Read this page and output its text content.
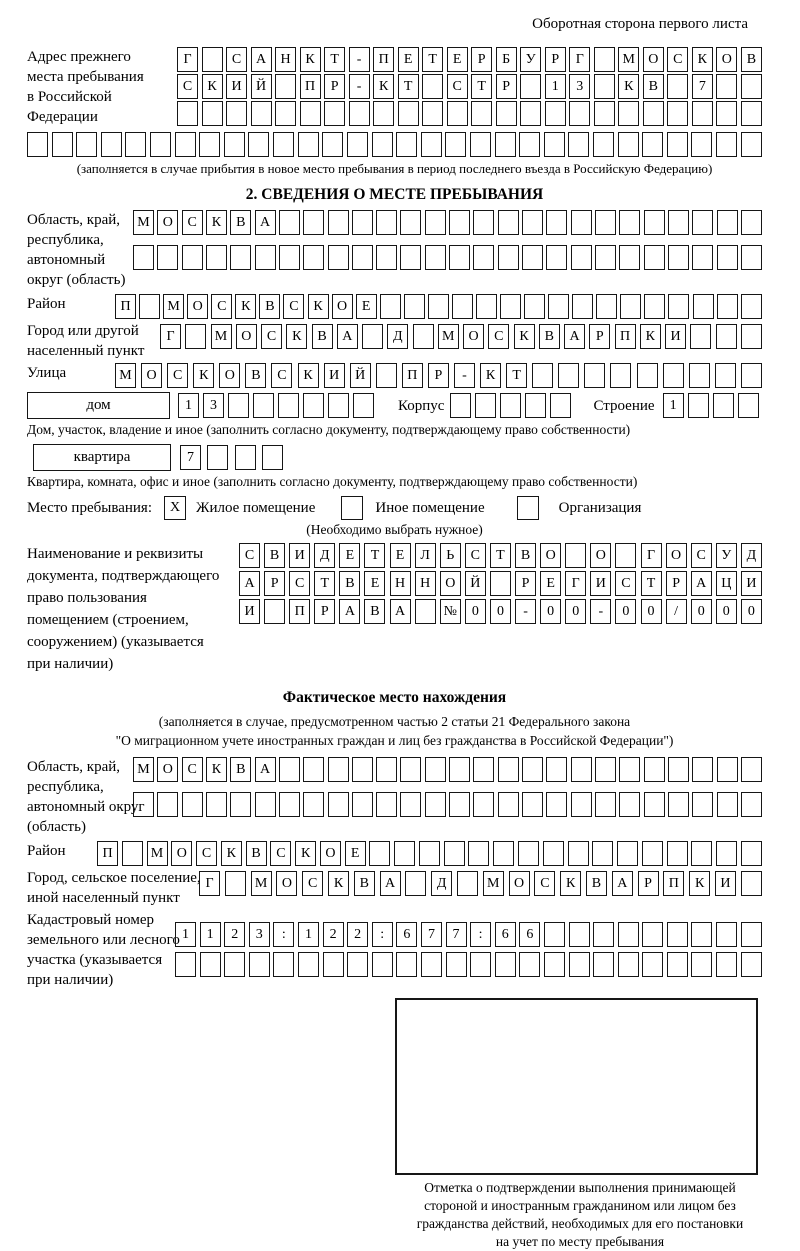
Оборотная сторона первого листа
Адрес прежнего
места пребывания
в Российской
Федерации
Г	С	А	Н	К	Т	-	П	Е	Т	Е	Р	Б	У	Р	Г	М О	С	К	О	В
С	К	И	Й	П	Р	-	К	Т	С	Т	Р	1	3	К	В	7
(заполняется в случае прибытия в новое место пребывания в период последнего въезда в Российскую Федерацию)
2. СВЕДЕНИЯ О МЕСТЕ ПРЕБЫВАНИЯ
Область, край,
республика,
автономный
округ (область)
М О	С	К	В	А
Район	П	М О	С	К	В	С	К	О	Е
Город или другой
населенный пункт
Г	М О	С	К	В	А	Д	М О	С	К	В	А	Р	П	К	И
Улица	М	О	С	К	О	В	С	К	И	Й	П	Р	-	К	Т
дом	1	3	Корпус	Строение	1
Дом, участок, владение и иное (заполнить согласно документу, подтверждающему право собственности)
квартира	7
Квартира, комната, офис и иное (заполнить согласно документу, подтверждающему право собственности)
Место пребывания:	X	Жилое помещение	Иное помещение	Организация
(Необходимо выбрать нужное)
Наименование и реквизиты
документа, подтверждающего
право пользования
помещением (строением,
сооружением) (указывается
при наличии)
С	В	И	Д	Е	Т	Е	Л	Ь	С	Т	В	О	О	Г	О	С	У	Д
А	Р	С	Т	В	Е	Н	Н	О	Й	Р	Е	Г	И	С	Т	Р	А	Ц	И
И	П	Р	А	В	А	№	0	0	-	0	0	-	0	0	/	0	0	0
Фактическое место нахождения
(заполняется в случае, предусмотренном частью 2 статьи 21 Федерального закона
"О миграционном учете иностранных граждан и лиц без гражданства в Российской Федерации")
Область, край,
республика,
автономный округ
(область)
М О	С	К	В	А
Район	П	М О	С	К	В	С	К	О	Е
Город, сельское поселение,
иной населенный пункт
Г	М	О	С	К	В	А	Д	М	О	С	К	В	А	Р	П	К	И
Кадастровый номер
земельного или лесного
участка (указывается
при наличии)
1	1	2	3	:	1	2	2	:	6	7	7	:	6	6
Отметка о подтверждении выполнения принимающей
стороной и иностранным гражданином или лицом без
гражданства действий, необходимых для его постановки
на учет по месту пребывания
